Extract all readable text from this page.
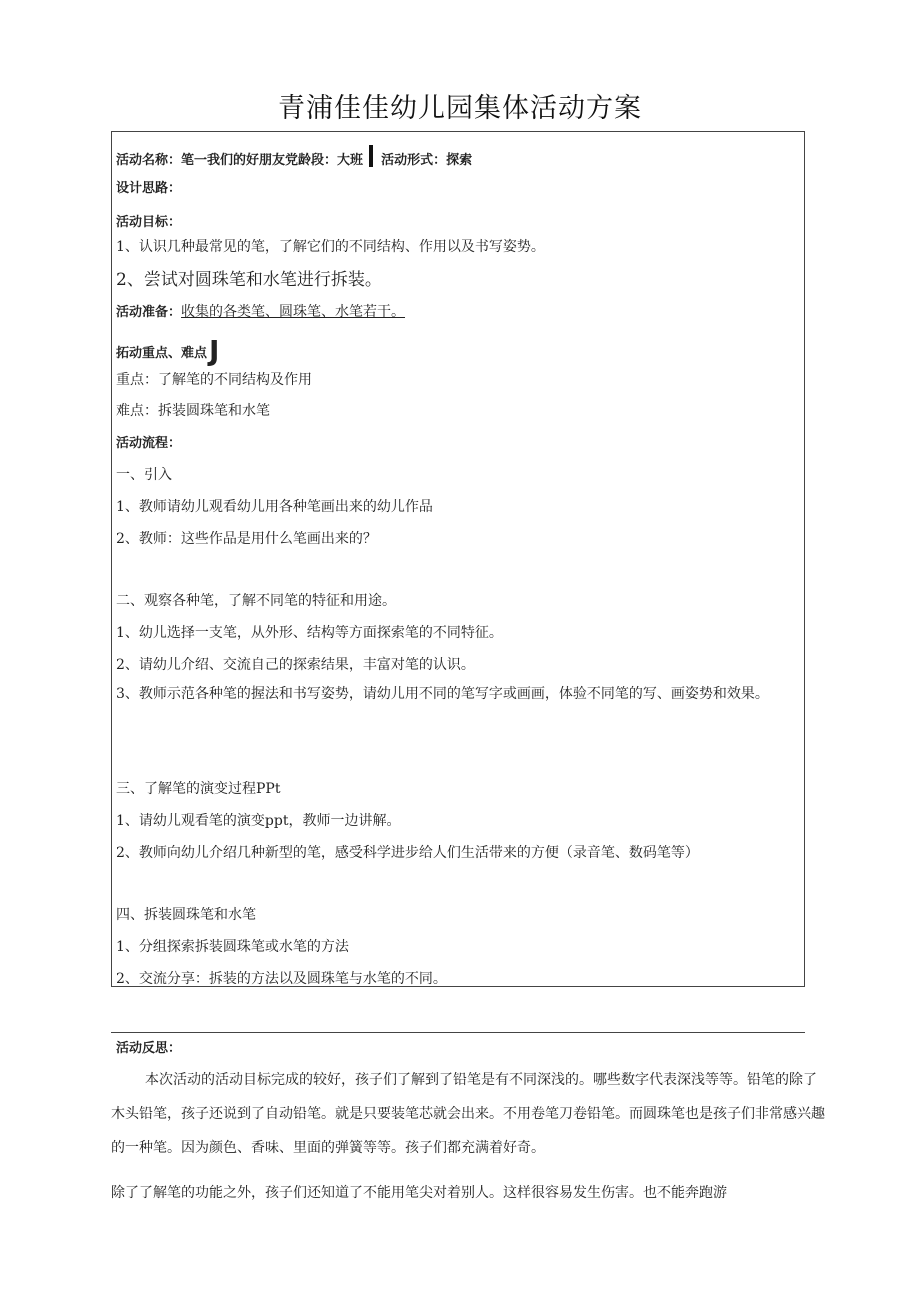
青浦佳佳幼儿园集体活动方案
活动名称：笔一我们的好朋友党龄段：大班 活动形式：探索
设计思路：
活动目标：
1、认识几种最常见的笔，了解它们的不同结构、作用以及书写姿势。
2、尝试对圆珠笔和水笔进行拆装。
活动准备：收集的各类笔、圆珠笔、水笔若干。
拓动重点、难点J
重点：了解笔的不同结构及作用
难点：拆装圆珠笔和水笔
活动流程：
一、引入
1、教师请幼儿观看幼儿用各种笔画出来的幼儿作品
2、教师：这些作品是用什么笔画出来的？
二、观察各种笔，了解不同笔的特征和用途。
1、幼儿选择一支笔，从外形、结构等方面探索笔的不同特征。
2、请幼儿介绍、交流自己的探索结果，丰富对笔的认识。
3、教师示范各种笔的握法和书写姿势，请幼儿用不同的笔写字或画画，体验不同笔的写、画姿势和效果。
三、了解笔的演变过程PPt
1、请幼儿观看笔的演变ppt，教师一边讲解。
2、教师向幼儿介绍几种新型的笔，感受科学进步给人们生活带来的方便（录音笔、数码笔等）
四、拆装圆珠笔和水笔
1、分组探索拆装圆珠笔或水笔的方法
2、交流分享：拆装的方法以及圆珠笔与水笔的不同。
活动反思：
本次活动的活动目标完成的较好，孩子们了解到了铅笔是有不同深浅的。哪些数字代表深浅等等。铅笔的除了木头铅笔，孩子还说到了自动铅笔。就是只要装笔芯就会出来。不用卷笔刀卷铅笔。而圆珠笔也是孩子们非常感兴趣的一种笔。因为颜色、香味、里面的弹簧等等。孩子们都充满着好奇。
除了了解笔的功能之外，孩子们还知道了不能用笔尖对着别人。这样很容易发生伤害。也不能奔跑游
